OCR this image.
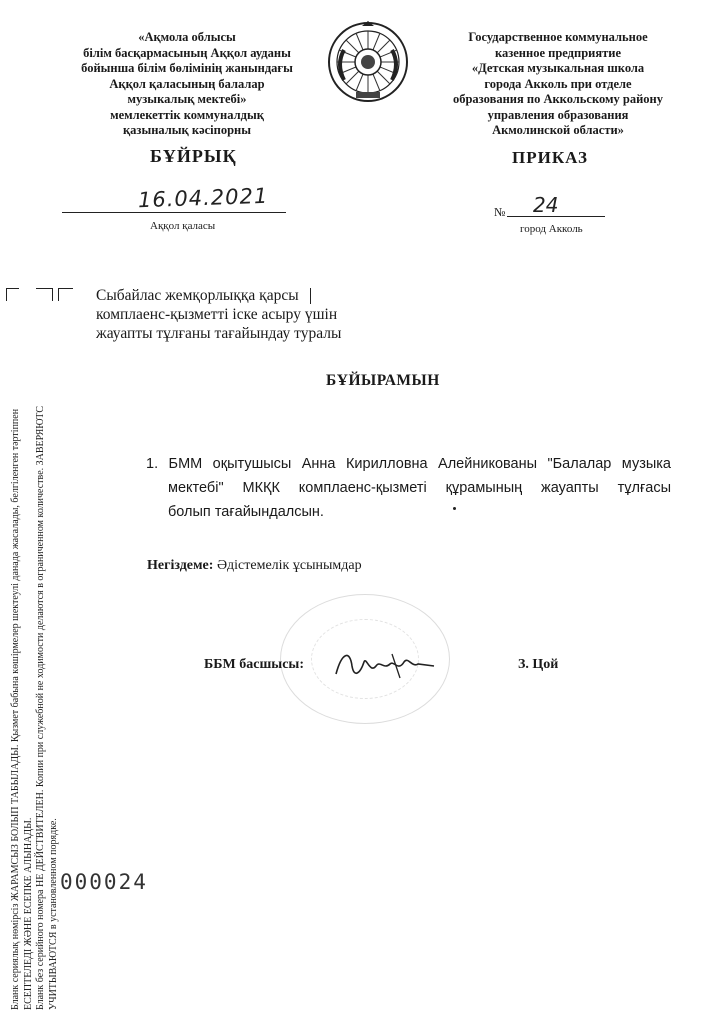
«Ақмола облысы
білім басқармасының Аққол ауданы
бойынша білім бөлімінің жанындағы
Аққол қаласының балалар
музыкалық мектебі»
мемлекеттік коммуналдық
қазыналық кәсіпорны
Государственное коммунальное
казенное предприятие
«Детская музыкальная школа
города Акколь при отделе
образования по Аккольскому району
управления образования
Акмолинской области»
БҰЙРЫҚ	ПРИКАЗ
16.04.2021
Аққол қаласы
№ 24
город Акколь
Сыбайлас жемқорлыққа қарсы
комплаенс-қызметті іске асыру үшін
жауапты тұлғаны тағайындау туралы
БҰЙЫРАМЫН
1. БММ оқытушысы Анна Кирилловна Алейникованы "Балалар музыка
мектебі" МКҚК комплаенс-қызметі құрамының жауапты тұлғасы
болып тағайындалсын.
Негіздеме: Әдістемелік ұсынымдар
ББМ басшысы:	З. Цой
Бланк сериялық нөмірсіз ЖАРАМСЫЗ БОЛЫП ТАБЫЛАДЫ. Қызмет бабына көшірмелер шектеулі данада жасалады, белгіленген тәртіппен ЕСЕПТЕЛЕДІ ЖӘНЕ ЕСЕПКЕ АЛЫНАДЫ. Бланк без серийного номера НЕ ДЕЙСТВИТЕЛЕН. Копии при служебной не ходимости делаются в ограниченном количестве. ЗАВЕРЯЮТС УЧИТЫВАЮТСЯ в установленном порядке. 000024
